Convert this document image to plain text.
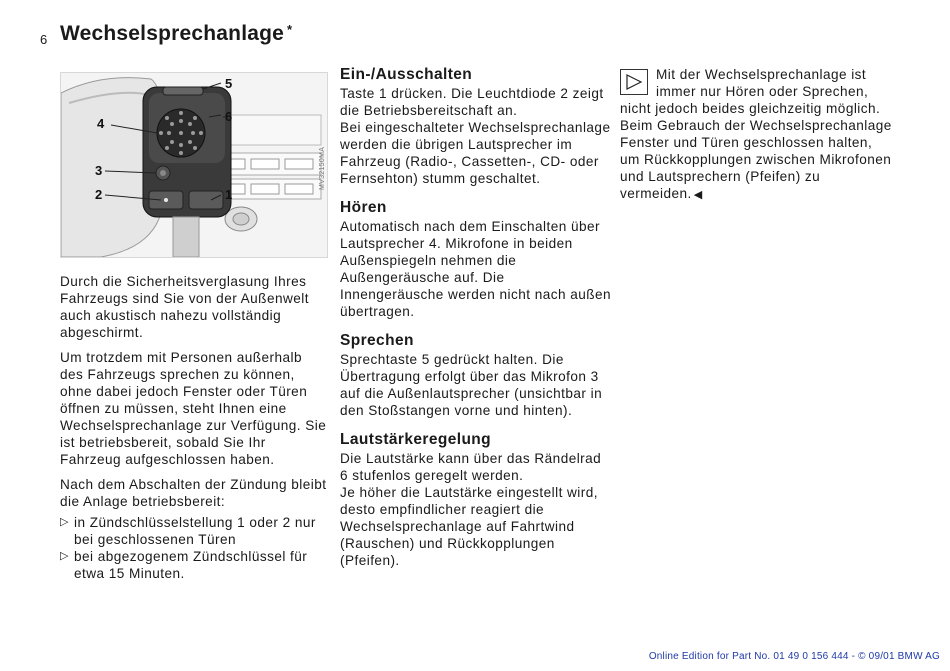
6 Wechselsprechanlage *
5
6
4
3
2	1
MV32150MA

Durch die Sicherheitsverglasung Ihres Fahrzeugs sind Sie von der Außenwelt auch akustisch nahezu vollständig abgeschirmt.

Um trotzdem mit Personen außerhalb des Fahrzeugs sprechen zu können, ohne dabei jedoch Fenster oder Türen öffnen zu müssen, steht Ihnen eine Wechselsprechanlage zur Verfügung. Sie ist betriebsbereit, sobald Sie Ihr Fahrzeug aufgeschlossen haben.

Nach dem Abschalten der Zündung bleibt die Anlage betriebsbereit:

▷ in Zündschlüsselstellung 1 oder 2 nur bei geschlossenen Türen
▷ bei abgezogenem Zündschlüssel für etwa 15 Minuten.
Ein-/Ausschalten

Taste 1 drücken. Die Leuchtdiode 2 zeigt die Betriebsbereitschaft an.

Bei eingeschalteter Wechselsprechanlage werden die übrigen Lautsprecher im Fahrzeug (Radio-, Cassetten-, CD- oder Fernsehton) stumm geschaltet.

Hören

Automatisch nach dem Einschalten über Lautsprecher 4. Mikrofone in beiden Außenspiegeln nehmen die Außengeräusche auf. Die Innengeräusche werden nicht nach außen übertragen.

Sprechen

Sprechtaste 5 gedrückt halten. Die Übertragung erfolgt über das Mikrofon 3 auf die Außenlautsprecher (unsichtbar in den Stoßstangen vorne und hinten).

Lautstärkeregelung

Die Lautstärke kann über das Rändelrad 6 stufenlos geregelt werden.

Je höher die Lautstärke eingestellt wird, desto empfindlicher reagiert die Wechselsprechanlage auf Fahrtwind (Rauschen) und Rückkopplungen (Pfeifen).

Mit der Wechselsprechanlage ist immer nur Hören oder Sprechen, nicht jedoch beides gleichzeitig möglich.

Beim Gebrauch der Wechselsprechanlage Fenster und Türen geschlossen halten, um Rückkopplungen zwischen Mikrofonen und Lautsprechern (Pfeifen) zu vermeiden. ◀

Online Edition for Part No. 01 49 0 156 444 - © 09/01 BMW AG
